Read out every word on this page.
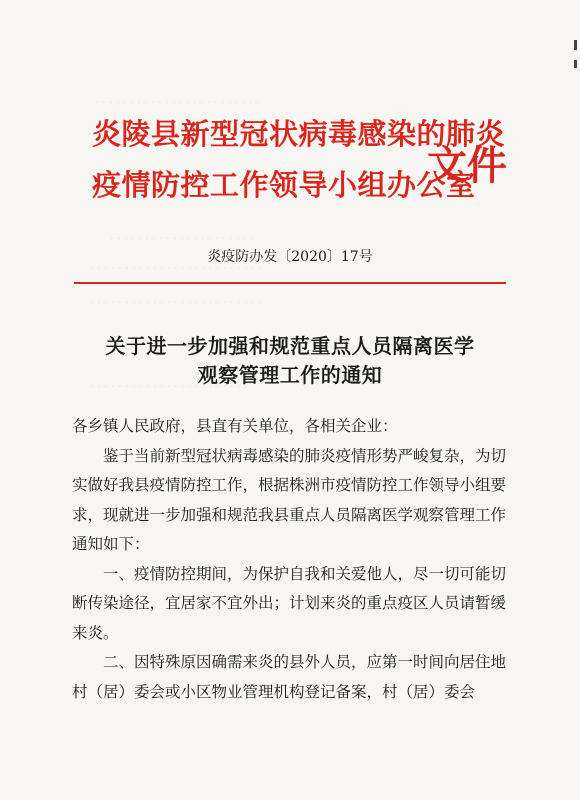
· · · · · · · · · · · · · · · · · · · · · · · ·
· · · · · · · · · · · · · · · · · · · · ·
· · · · · · · · · · · · · · · · · · · · · · · · ·
· · · · · · · · · · · · · · · · · · · · · · · · ·
· · · · · · · · · · · · · · · · · · · · · · ·
炎陵县新型冠状病毒感染的肺炎
疫情防控工作领导小组办公室
文件
炎疫防办发〔2020〕17号
关于进一步加强和规范重点人员隔离医学
观察管理工作的通知

各乡镇人民政府，县直有关单位，各相关企业：

鉴于当前新型冠状病毒感染的肺炎疫情形势严峻复杂，为切实做好我县疫情防控工作，根据株洲市疫情防控工作领导小组要求，现就进一步加强和规范我县重点人员隔离医学观察管理工作通知如下：

一、疫情防控期间，为保护自我和关爱他人，尽一切可能切断传染途径，宜居家不宜外出；计划来炎的重点疫区人员请暂缓来炎。

二、因特殊原因确需来炎的县外人员，应第一时间向居住地村（居）委会或小区物业管理机构登记备案，村（居）委会
